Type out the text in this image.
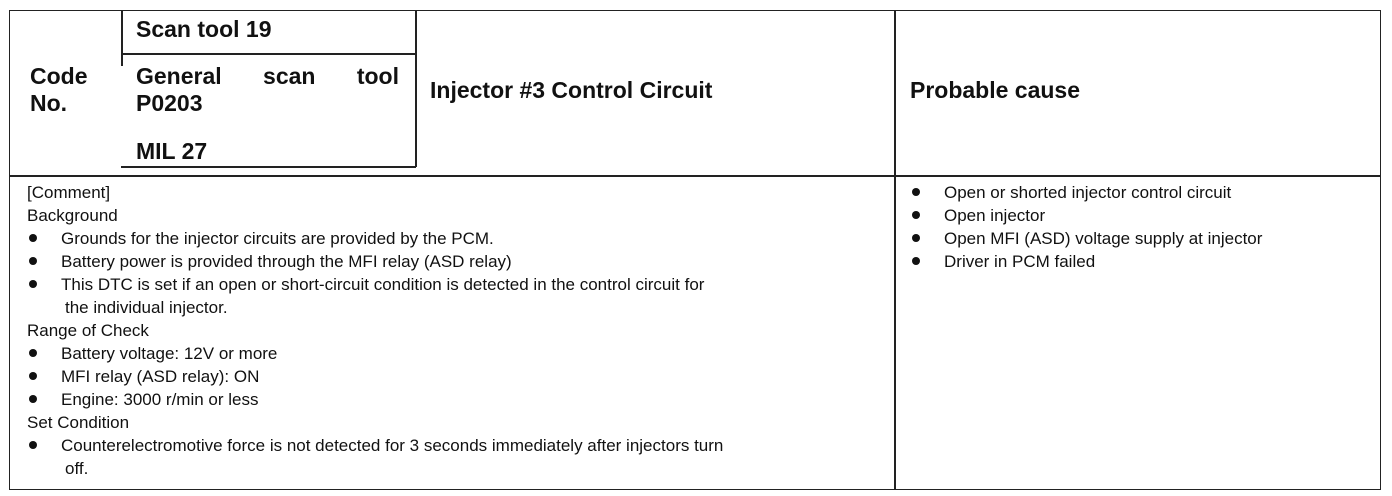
Code
No.
Scan tool 19
General scan tool
P0203
MIL 27
Injector #3 Control Circuit	Probable cause
[Comment]
Background
Grounds for the injector circuits are provided by the PCM.
Battery power is provided through the MFI relay (ASD relay)
This DTC is set if an open or short-circuit condition is detected in the control circuit for
the individual injector.
Range of Check
Battery voltage: 12V or more
MFI relay (ASD relay): ON
Engine: 3000 r/min or less
Set Condition
Counterelectromotive force is not detected for 3 seconds immediately after injectors turn
off.
Open or shorted injector control circuit
Open injector
Open MFI (ASD) voltage supply at injector
Driver in PCM failed
